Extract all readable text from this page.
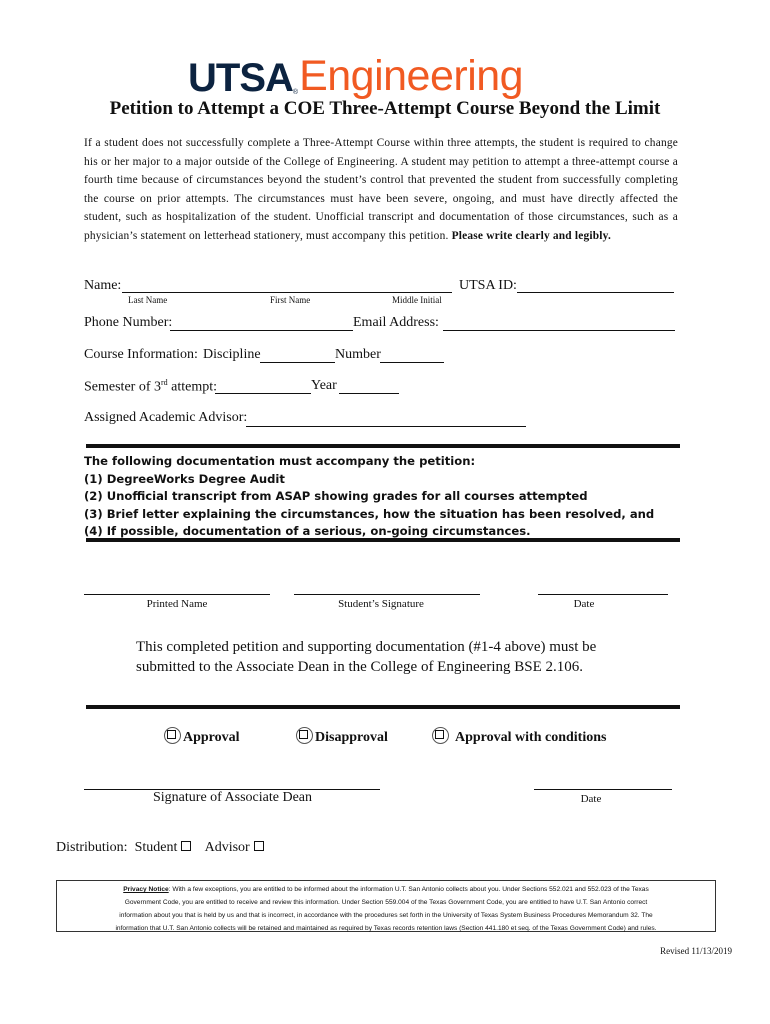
UTSA ® Engineering
Petition to Attempt a COE Three-Attempt Course Beyond the Limit
If a student does not successfully complete a Three-Attempt Course within three attempts, the student is required to change his or her major to a major outside of the College of Engineering. A student may petition to attempt a three-attempt course a fourth time because of circumstances beyond the student’s control that prevented the student from successfully completing the course on prior attempts. The circumstances must have been severe, ongoing, and must have directly affected the student, such as hospitalization of the student. Unofficial transcript and documentation of those circumstances, such as a physician’s statement on letterhead stationery, must accompany this petition. Please write clearly and legibly.
Name:
Last Name	First Name	Middle Initial
UTSA ID:
Phone Number:	Email Address:
Course Information: Discipline	Number
Semester of 3rd attempt:	Year
Assigned Academic Advisor:
The following documentation must accompany the petition:
(1) DegreeWorks Degree Audit
(2) Unofficial transcript from ASAP showing grades for all courses attempted
(3) Brief letter explaining the circumstances, how the situation has been resolved, and
(4) If possible, documentation of a serious, on-going circumstances.
Printed Name	Student’s Signature	Date
This completed petition and supporting documentation (#1-4 above) must be
submitted to the Associate Dean in the College of Engineering BSE 2.106.
Approval	Disapproval	Approval with conditions
Signature of Associate Dean	Date
Distribution: Student Advisor
Privacy Notice: With a few exceptions, you are entitled to be informed about the information U.T. San Antonio collects about you. Under Sections 552.021 and 552.023 of the Texas
Government Code, you are entitled to receive and review this information. Under Section 559.004 of the Texas Government Code, you are entitled to have U.T. San Antonio correct
information about you that is held by us and that is incorrect, in accordance with the procedures set forth in the University of Texas System Business Procedures Memorandum 32. The
information that U.T. San Antonio collects will be retained and maintained as required by Texas records retention laws (Section 441.180 et seq. of the Texas Government Code) and rules.
Revised 11/13/2019
